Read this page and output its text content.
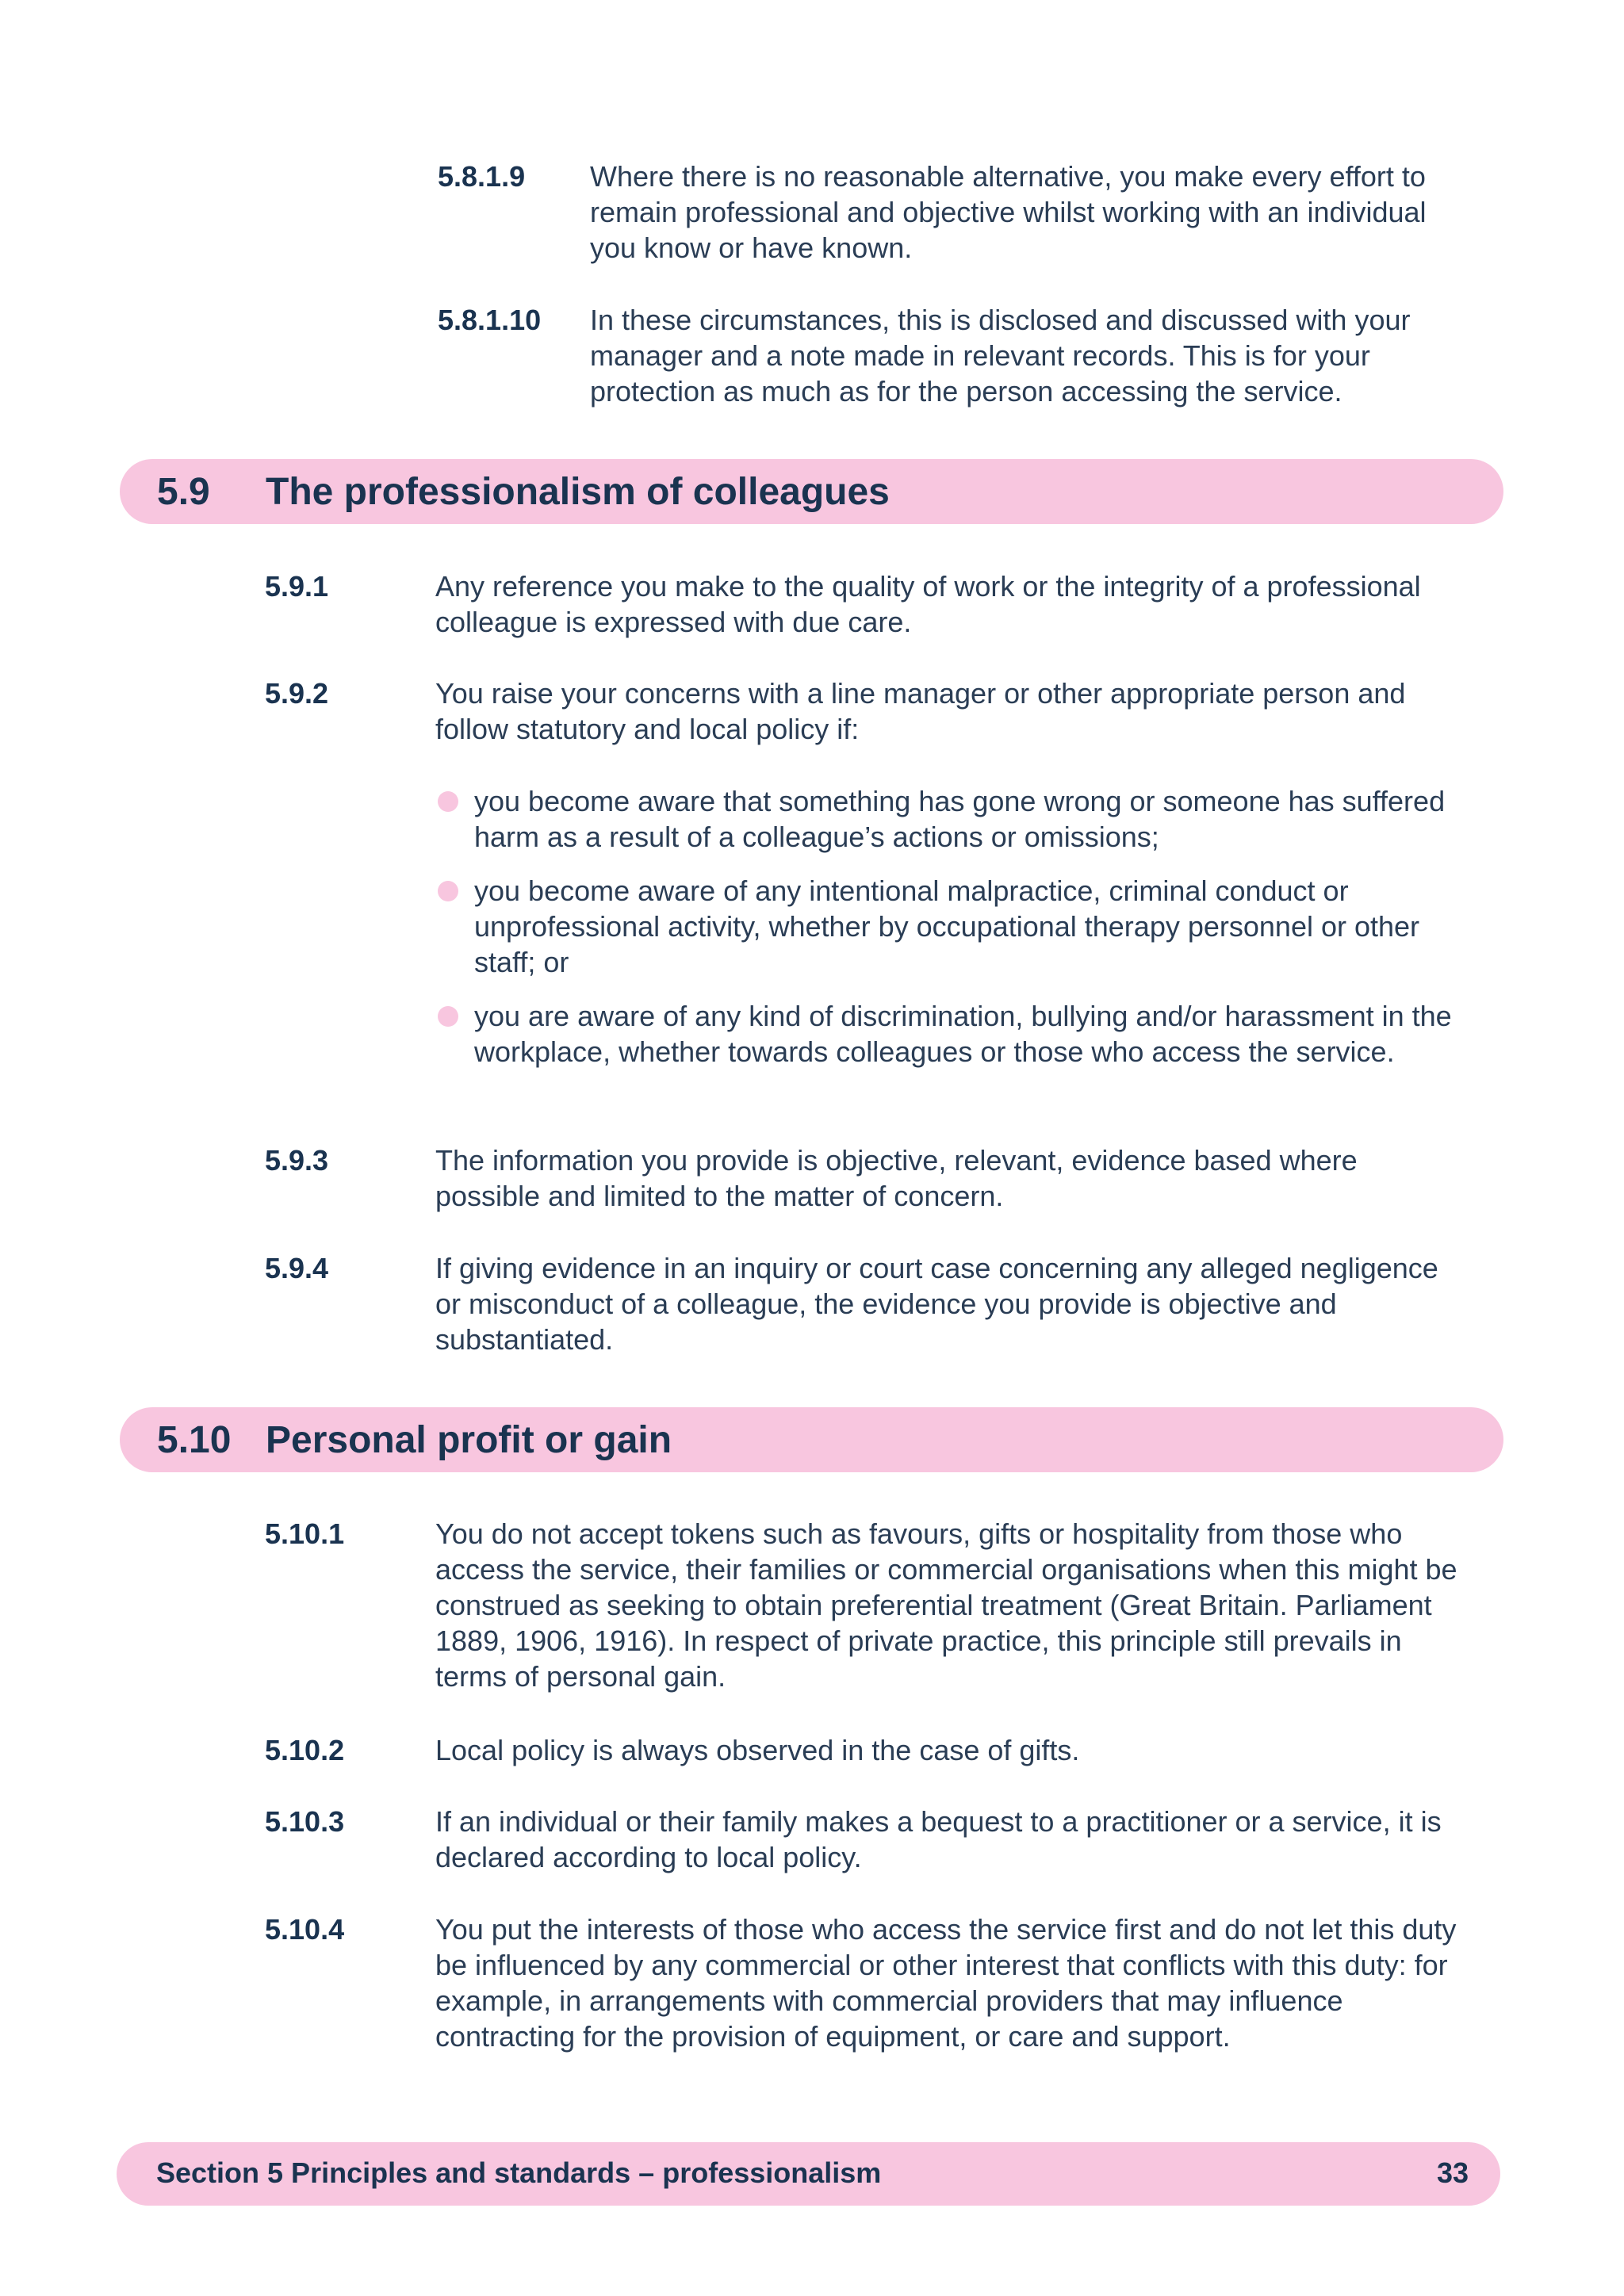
5.8.1.9	Where there is no reasonable alternative, you make every effort to remain professional and objective whilst working with an individual you know or have known.
5.8.1.10	In these circumstances, this is disclosed and discussed with your manager and a note made in relevant records. This is for your protection as much as for the person accessing the service.
5.9 The professionalism of colleagues
5.9.1	Any reference you make to the quality of work or the integrity of a professional colleague is expressed with due care.
5.9.2	You raise your concerns with a line manager or other appropriate person and follow statutory and local policy if:
you become aware that something has gone wrong or someone has suffered harm as a result of a colleague’s actions or omissions;
you become aware of any intentional malpractice, criminal conduct or unprofessional activity, whether by occupational therapy personnel or other staff; or
you are aware of any kind of discrimination, bullying and/or harassment in the workplace, whether towards colleagues or those who access the service.
5.9.3	The information you provide is objective, relevant, evidence based where possible and limited to the matter of concern.
5.9.4	If giving evidence in an inquiry or court case concerning any alleged negligence or misconduct of a colleague, the evidence you provide is objective and substantiated.
5.10 Personal profit or gain
5.10.1	You do not accept tokens such as favours, gifts or hospitality from those who access the service, their families or commercial organisations when this might be construed as seeking to obtain preferential treatment (Great Britain. Parliament 1889, 1906, 1916). In respect of private practice, this principle still prevails in terms of personal gain.
5.10.2	Local policy is always observed in the case of gifts.
5.10.3	If an individual or their family makes a bequest to a practitioner or a service, it is declared according to local policy.
5.10.4	You put the interests of those who access the service first and do not let this duty be influenced by any commercial or other interest that conflicts with this duty: for example, in arrangements with commercial providers that may influence contracting for the provision of equipment, or care and support.
Section 5 Principles and standards – professionalism	33
